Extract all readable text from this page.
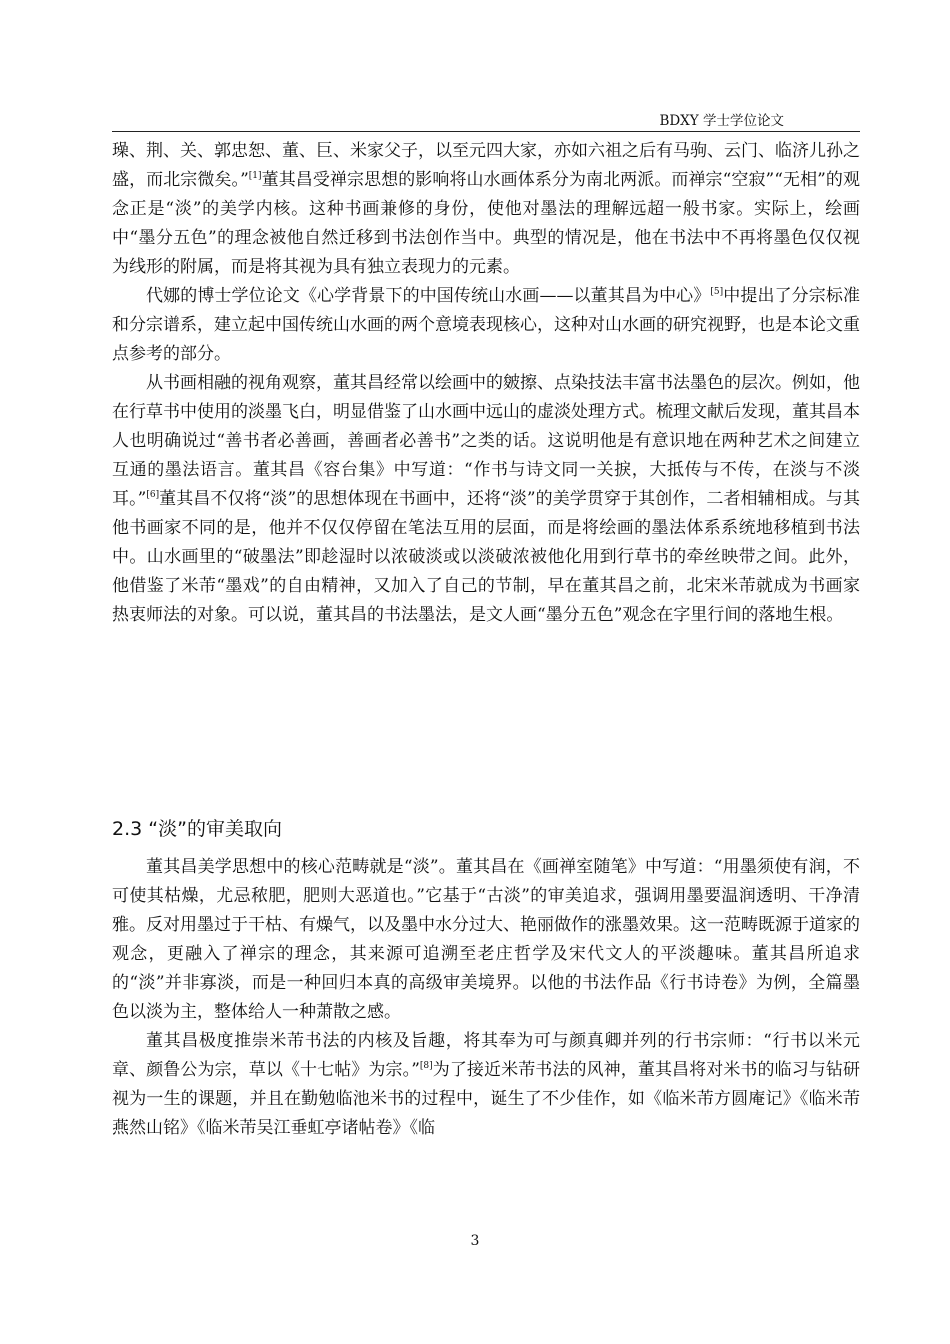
BDXY 学士学位论文

璪、荆、关、郭忠恕、董、巨、米家父子，以至元四大家，亦如六祖之后有马驹、云门、临济儿孙之盛，而北宗微矣。”[1]董其昌受禅宗思想的影响将山水画体系分为南北两派。而禅宗“空寂”“无相”的观念正是“淡”的美学内核。这种书画兼修的身份，使他对墨法的理解远超一般书家。实际上，绘画中“墨分五色”的理念被他自然迁移到书法创作当中。典型的情况是，他在书法中不再将墨色仅仅视为线形的附属，而是将其视为具有独立表现力的元素。

代娜的博士学位论文《心学背景下的中国传统山水画——以董其昌为中心》[5]中提出了分宗标准和分宗谱系，建立起中国传统山水画的两个意境表现核心，这种对山水画的研究视野，也是本论文重点参考的部分。

从书画相融的视角观察，董其昌经常以绘画中的皴擦、点染技法丰富书法墨色的层次。例如，他在行草书中使用的淡墨飞白，明显借鉴了山水画中远山的虚淡处理方式。梳理文献后发现，董其昌本人也明确说过“善书者必善画，善画者必善书”之类的话。这说明他是有意识地在两种艺术之间建立互通的墨法语言。董其昌《容台集》中写道：“作书与诗文同一关捩，大抵传与不传，在淡与不淡耳。”[6]董其昌不仅将“淡”的思想体现在书画中，还将“淡”的美学贯穿于其创作，二者相辅相成。与其他书画家不同的是，他并不仅仅停留在笔法互用的层面，而是将绘画的墨法体系系统地移植到书法中。山水画里的“破墨法”即趁湿时以浓破淡或以淡破浓被他化用到行草书的牵丝映带之间。此外，他借鉴了米芾“墨戏”的自由精神，又加入了自己的节制，早在董其昌之前，北宋米芾就成为书画家热衷师法的对象。可以说，董其昌的书法墨法，是文人画“墨分五色”观念在字里行间的落地生根。

2.3 “淡”的审美取向

董其昌美学思想中的核心范畴就是“淡”。董其昌在《画禅室随笔》中写道：“用墨须使有润，不可使其枯燥，尤忌秾肥，肥则大恶道也。”它基于“古淡”的审美追求，强调用墨要温润透明、干净清雅。反对用墨过于干枯、有燥气，以及墨中水分过大、艳丽做作的涨墨效果。这一范畴既源于道家的观念，更融入了禅宗的理念，其来源可追溯至老庄哲学及宋代文人的平淡趣味。董其昌所追求的“淡”并非寡淡，而是一种回归本真的高级审美境界。以他的书法作品《行书诗卷》为例，全篇墨色以淡为主，整体给人一种萧散之感。

董其昌极度推崇米芾书法的内核及旨趣，将其奉为可与颜真卿并列的行书宗师：“行书以米元章、颜鲁公为宗，草以《十七帖》为宗。”[8]为了接近米芾书法的风神，董其昌将对米书的临习与钻研视为一生的课题，并且在勤勉临池米书的过程中，诞生了不少佳作，如《临米芾方圆庵记》《临米芾燕然山铭》《临米芾吴江垂虹亭诸帖卷》《临

3
